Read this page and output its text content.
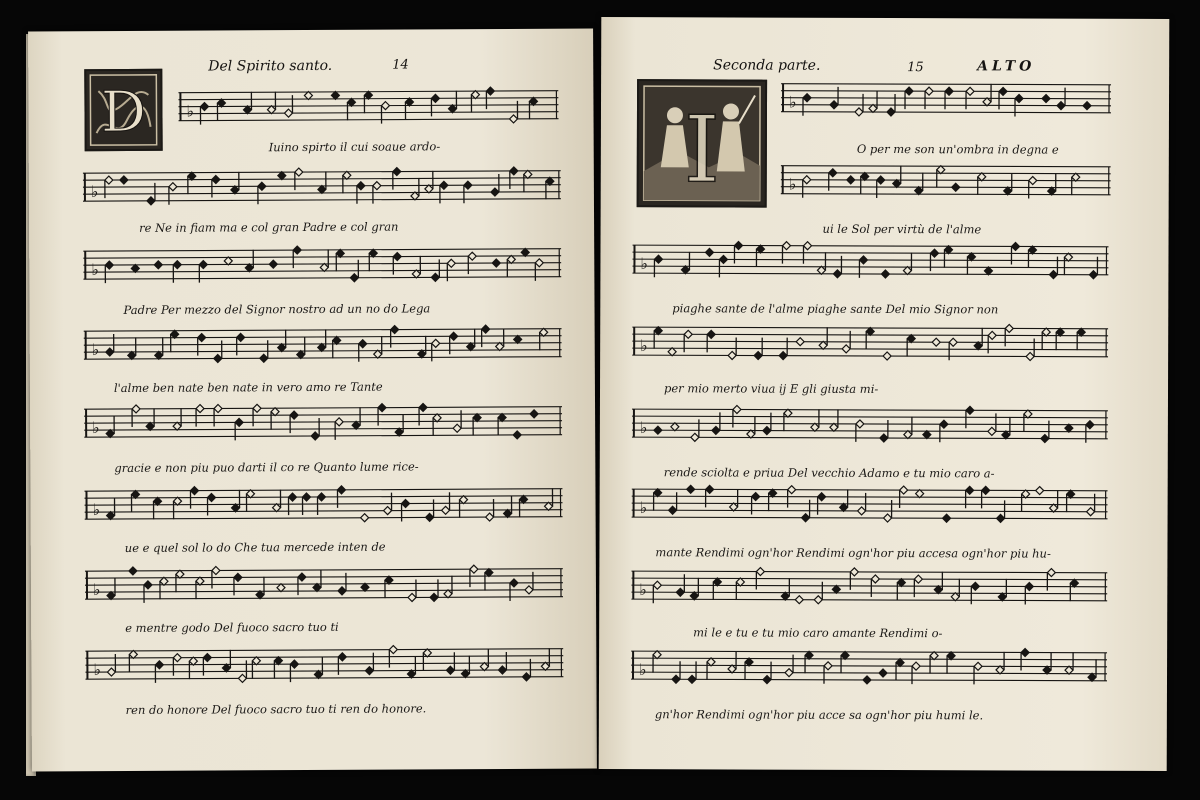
D
Del Spirito santo.	14
♭
Iuino spirto il cui soaue ardo-
♭
re Ne in fiam ma e col gran Padre e col gran
♭
Padre Per mezzo del Signor nostro ad un no do Lega
♭
l'alme ben nate ben nate in vero amo re Tante
♭
gracie e non piu puo darti il co re Quanto lume rice-
♭
ue e quel sol lo do Che tua mercede inten de
♭
e mentre godo Del fuoco sacro tuo ti
♭
ren do honore Del fuoco sacro tuo ti ren do honore.
Seconda parte.	15	ALTO
I	♭
O per me son un'ombra in degna e
♭
ui le Sol per virtù de l'alme
♭
piaghe sante de l'alme piaghe sante Del mio Signor non
♭
per mio merto viua ij E gli giusta mi-
♭
rende sciolta e priua Del vecchio Adamo e tu mio caro a-
♭
mante Rendimi ogn'hor Rendimi ogn'hor piu accesa ogn'hor piu hu-
♭
mi le e tu e tu mio caro amante Rendimi o-
♭
gn'hor Rendimi ogn'hor piu acce sa ogn'hor piu humi le.
